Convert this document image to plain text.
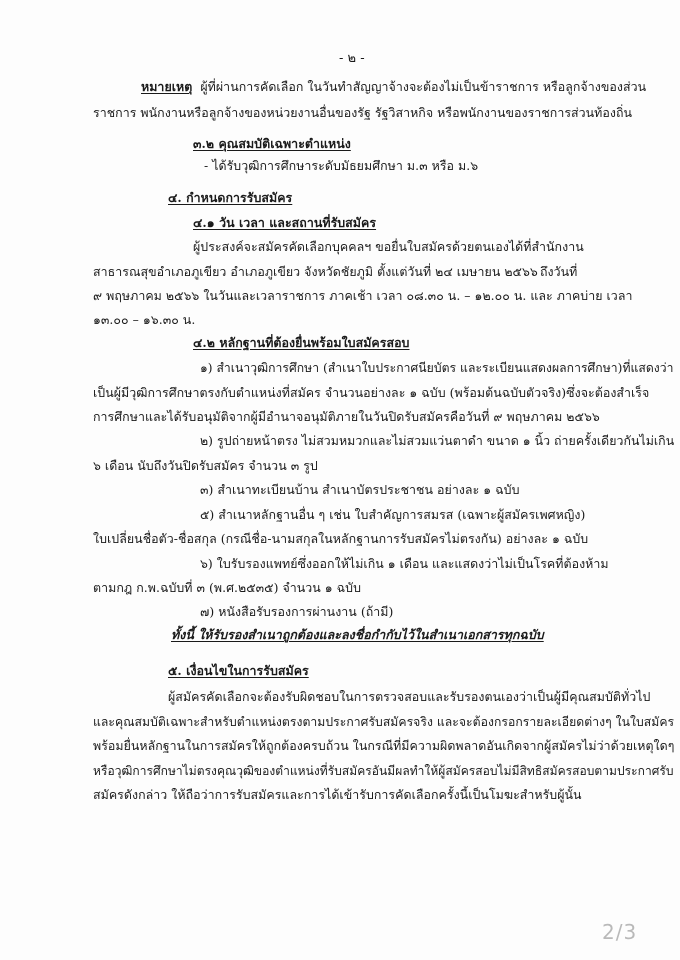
- ๒ -
หมายเหตุ ผู้ที่ผ่านการคัดเลือก ในวันทำสัญญาจ้างจะต้องไม่เป็นข้าราชการ หรือลูกจ้างของส่วน
ราชการ พนักงานหรือลูกจ้างของหน่วยงานอื่นของรัฐ รัฐวิสาหกิจ หรือพนักงานของราชการส่วนท้องถิ่น
๓.๒ คุณสมบัติเฉพาะตำแหน่ง
- ได้รับวุฒิการศึกษาระดับมัธยมศึกษา ม.๓ หรือ ม.๖
๔. กำหนดการรับสมัคร
๔.๑ วัน เวลา และสถานที่รับสมัคร
ผู้ประสงค์จะสมัครคัดเลือกบุคคลฯ ขอยื่นใบสมัครด้วยตนเองได้ที่สำนักงาน
สาธารณสุขอำเภอภูเขียว อำเภอภูเขียว จังหวัดชัยภูมิ ตั้งแต่วันที่ ๒๔ เมษายน ๒๕๖๖ ถึงวันที่
๙ พฤษภาคม ๒๕๖๖ ในวันและเวลาราชการ ภาคเช้า เวลา ๐๘.๓๐ น. – ๑๒.๐๐ น. และ ภาคบ่าย เวลา
๑๓.๐๐ – ๑๖.๓๐ น.
๔.๒ หลักฐานที่ต้องยื่นพร้อมใบสมัครสอบ
๑) สำเนาวุฒิการศึกษา (สำเนาใบประกาศนียบัตร และระเบียนแสดงผลการศึกษา)ที่แสดงว่า
เป็นผู้มีวุฒิการศึกษาตรงกับตำแหน่งที่สมัคร จำนวนอย่างละ ๑ ฉบับ (พร้อมต้นฉบับตัวจริง)ซึ่งจะต้องสำเร็จ
การศึกษาและได้รับอนุมัติจากผู้มีอำนาจอนุมัติภายในวันปิดรับสมัครคือวันที่ ๙ พฤษภาคม ๒๕๖๖
๒) รูปถ่ายหน้าตรง ไม่สวมหมวกและไม่สวมแว่นตาดำ ขนาด ๑ นิ้ว ถ่ายครั้งเดียวกันไม่เกิน
๖ เดือน นับถึงวันปิดรับสมัคร จำนวน ๓ รูป
๓) สำเนาทะเบียนบ้าน สำเนาบัตรประชาชน อย่างละ ๑ ฉบับ
๕) สำเนาหลักฐานอื่น ๆ เช่น ใบสำคัญการสมรส (เฉพาะผู้สมัครเพศหญิง)
ใบเปลี่ยนชื่อตัว-ชื่อสกุล (กรณีชื่อ-นามสกุลในหลักฐานการรับสมัครไม่ตรงกัน) อย่างละ ๑ ฉบับ
๖) ใบรับรองแพทย์ซึ่งออกให้ไม่เกิน ๑ เดือน และแสดงว่าไม่เป็นโรคที่ต้องห้าม
ตามกฎ ก.พ.ฉบับที่ ๓ (พ.ศ.๒๕๓๕) จำนวน ๑ ฉบับ
๗) หนังสือรับรองการผ่านงาน (ถ้ามี)
ทั้งนี้ ให้รับรองสำเนาถูกต้องและลงชื่อกำกับไว้ในสำเนาเอกสารทุกฉบับ
๕. เงื่อนไขในการรับสมัคร
ผู้สมัครคัดเลือกจะต้องรับผิดชอบในการตรวจสอบและรับรองตนเองว่าเป็นผู้มีคุณสมบัติทั่วไป
และคุณสมบัติเฉพาะสำหรับตำแหน่งตรงตามประกาศรับสมัครจริง และจะต้องกรอกรายละเอียดต่างๆ ในใบสมัคร
พร้อมยื่นหลักฐานในการสมัครให้ถูกต้องครบถ้วน ในกรณีที่มีความผิดพลาดอันเกิดจากผู้สมัครไม่ว่าด้วยเหตุใดๆ
หรือวุฒิการศึกษาไม่ตรงคุณวุฒิของตำแหน่งที่รับสมัครอันมีผลทำให้ผู้สมัครสอบไม่มีสิทธิสมัครสอบตามประกาศรับ
สมัครดังกล่าว ให้ถือว่าการรับสมัครและการได้เข้ารับการคัดเลือกครั้งนี้เป็นโมฆะสำหรับผู้นั้น
2/3
